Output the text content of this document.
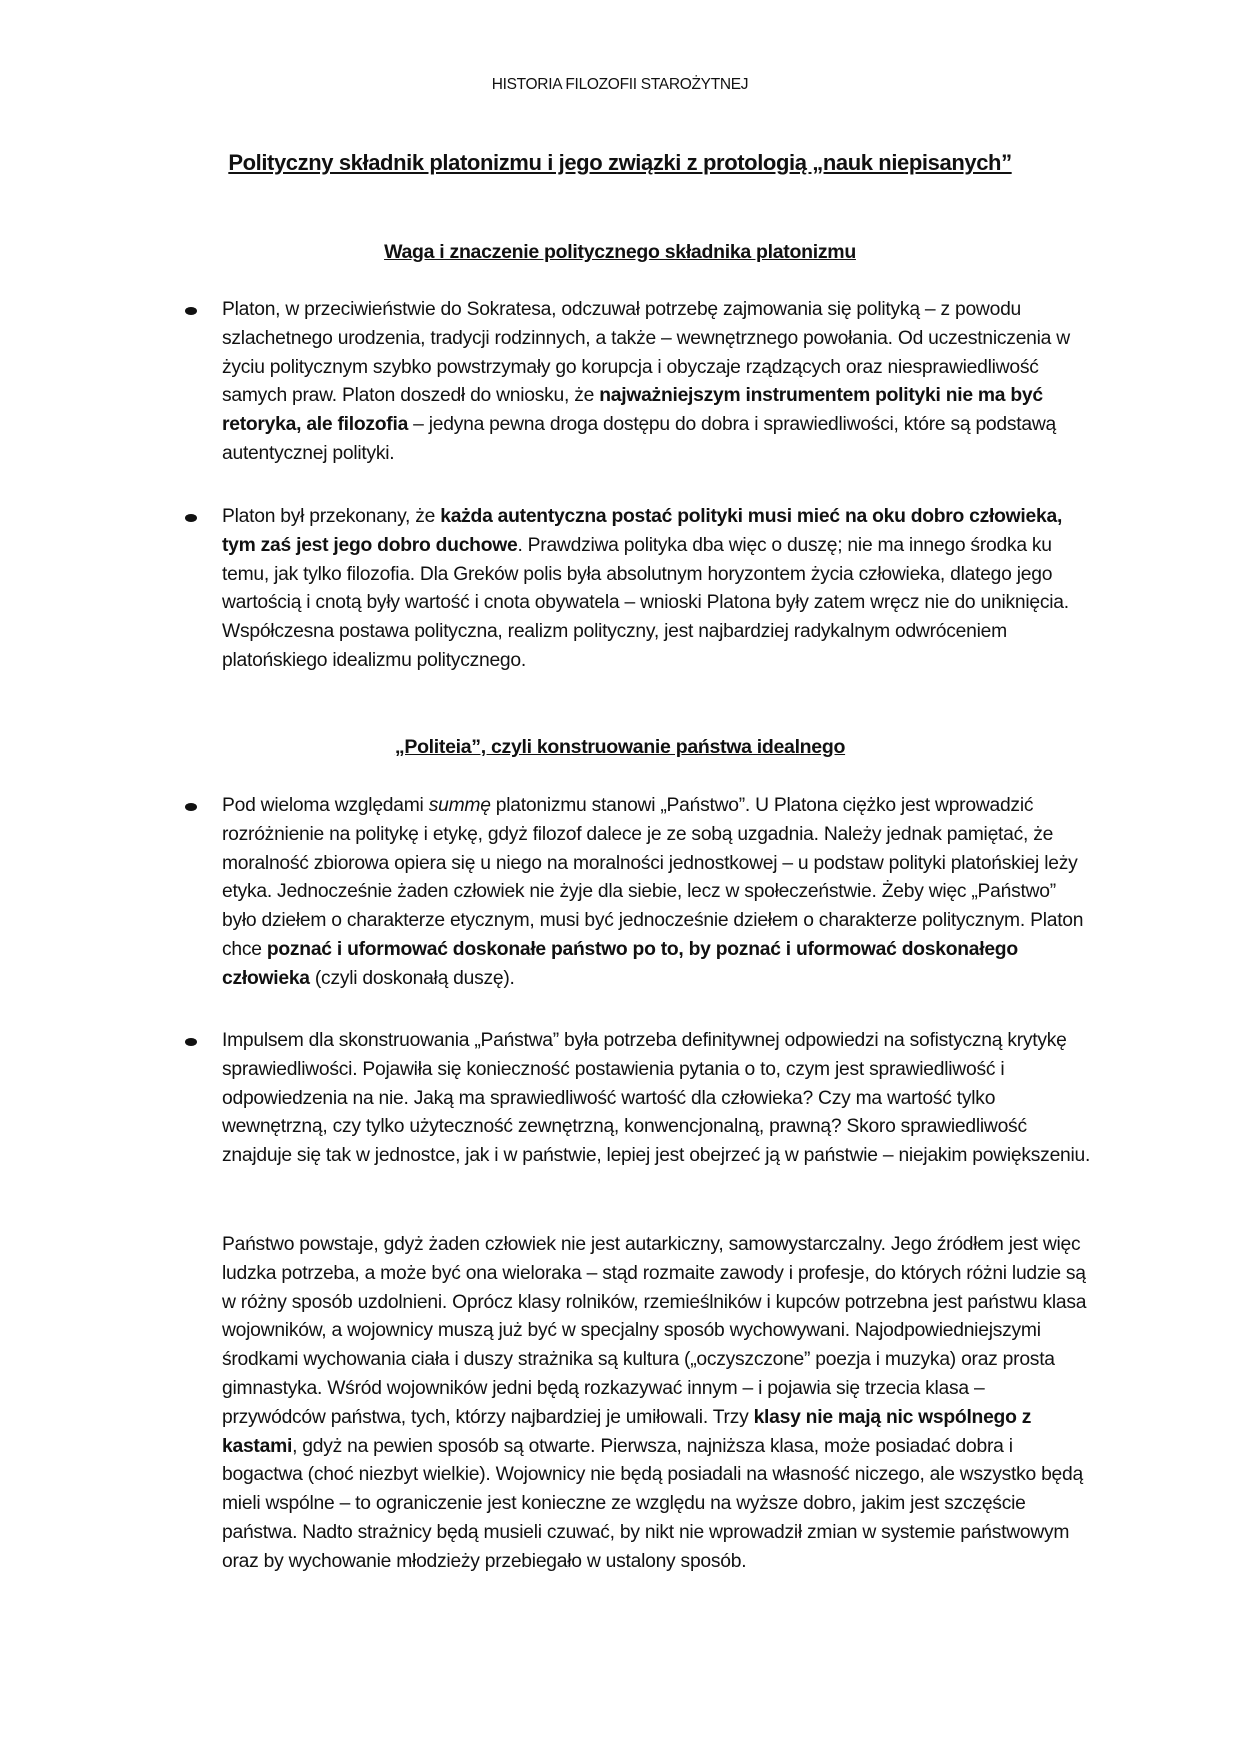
HISTORIA FILOZOFII STAROŻYTNEJ
Polityczny składnik platonizmu i jego związki z protologią „nauk niepisanych”
Waga i znaczenie politycznego składnika platonizmu
Platon, w przeciwieństwie do Sokratesa, odczuwał potrzebę zajmowania się polityką – z powodu szlachetnego urodzenia, tradycji rodzinnych, a także – wewnętrznego powołania. Od uczestniczenia w życiu politycznym szybko powstrzymały go korupcja i obyczaje rządzących oraz niesprawiedliwość samych praw. Platon doszedł do wniosku, że najważniejszym instrumentem polityki nie ma być retoryka, ale filozofia – jedyna pewna droga dostępu do dobra i sprawiedliwości, które są podstawą autentycznej polityki.
Platon był przekonany, że każda autentyczna postać polityki musi mieć na oku dobro człowieka, tym zaś jest jego dobro duchowe. Prawdziwa polityka dba więc o duszę; nie ma innego środka ku temu, jak tylko filozofia. Dla Greków polis była absolutnym horyzontem życia człowieka, dlatego jego wartością i cnotą były wartość i cnota obywatela – wnioski Platona były zatem wręcz nie do uniknięcia. Współczesna postawa polityczna, realizm polityczny, jest najbardziej radykalnym odwróceniem platońskiego idealizmu politycznego.
„Politeia”, czyli konstruowanie państwa idealnego
Pod wieloma względami summę platonizmu stanowi „Państwo”. U Platona ciężko jest wprowadzić rozróżnienie na politykę i etykę, gdyż filozof dalece je ze sobą uzgadnia. Należy jednak pamiętać, że moralność zbiorowa opiera się u niego na moralności jednostkowej – u podstaw polityki platońskiej leży etyka. Jednocześnie żaden człowiek nie żyje dla siebie, lecz w społeczeństwie. Żeby więc „Państwo” było dziełem o charakterze etycznym, musi być jednocześnie dziełem o charakterze politycznym. Platon chce poznać i uformować doskonałe państwo po to, by poznać i uformować doskonałego człowieka (czyli doskonałą duszę).
Impulsem dla skonstruowania „Państwa” była potrzeba definitywnej odpowiedzi na sofistyczną krytykę sprawiedliwości. Pojawiła się konieczność postawienia pytania o to, czym jest sprawiedliwość i odpowiedzenia na nie. Jaką ma sprawiedliwość wartość dla człowieka? Czy ma wartość tylko wewnętrzną, czy tylko użyteczność zewnętrzną, konwencjonalną, prawną? Skoro sprawiedliwość znajduje się tak w jednostce, jak i w państwie, lepiej jest obejrzeć ją w państwie – niejakim powiększeniu.
Państwo powstaje, gdyż żaden człowiek nie jest autarkiczny, samowystarczalny. Jego źródłem jest więc ludzka potrzeba, a może być ona wieloraka – stąd rozmaite zawody i profesje, do których różni ludzie są w różny sposób uzdolnieni. Oprócz klasy rolników, rzemieślników i kupców potrzebna jest państwu klasa wojowników, a wojownicy muszą już być w specjalny sposób wychowywani. Najodpowiedniejszymi środkami wychowania ciała i duszy strażnika są kultura („oczyszczone” poezja i muzyka) oraz prosta gimnastyka. Wśród wojowników jedni będą rozkazywać innym – i pojawia się trzecia klasa – przywódców państwa, tych, którzy najbardziej je umiłowali. Trzy klasy nie mają nic wspólnego z kastami, gdyż na pewien sposób są otwarte. Pierwsza, najniższa klasa, może posiadać dobra i bogactwa (choć niezbyt wielkie). Wojownicy nie będą posiadali na własność niczego, ale wszystko będą mieli wspólne – to ograniczenie jest konieczne ze względu na wyższe dobro, jakim jest szczęście państwa. Nadto strażnicy będą musieli czuwać, by nikt nie wprowadził zmian w systemie państwowym oraz by wychowanie młodzieży przebiegało w ustalony sposób.
